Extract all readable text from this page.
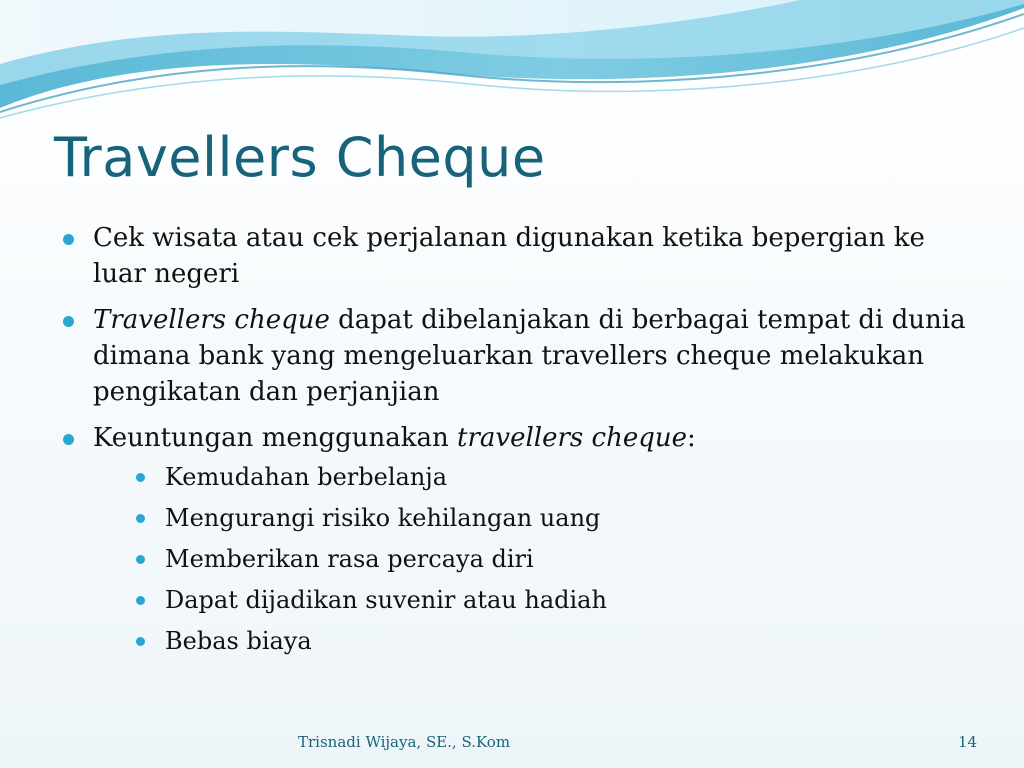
Travellers Cheque
Cek wisata atau cek perjalanan digunakan ketika bepergian ke luar negeri
Travellers cheque dapat dibelanjakan di berbagai tempat di dunia dimana bank yang mengeluarkan travellers cheque melakukan pengikatan dan perjanjian
Keuntungan menggunakan travellers cheque:
Kemudahan berbelanja
Mengurangi risiko kehilangan uang
Memberikan rasa percaya diri
Dapat dijadikan suvenir atau hadiah
Bebas biaya
Trisnadi Wijaya, SE., S.Kom	14
